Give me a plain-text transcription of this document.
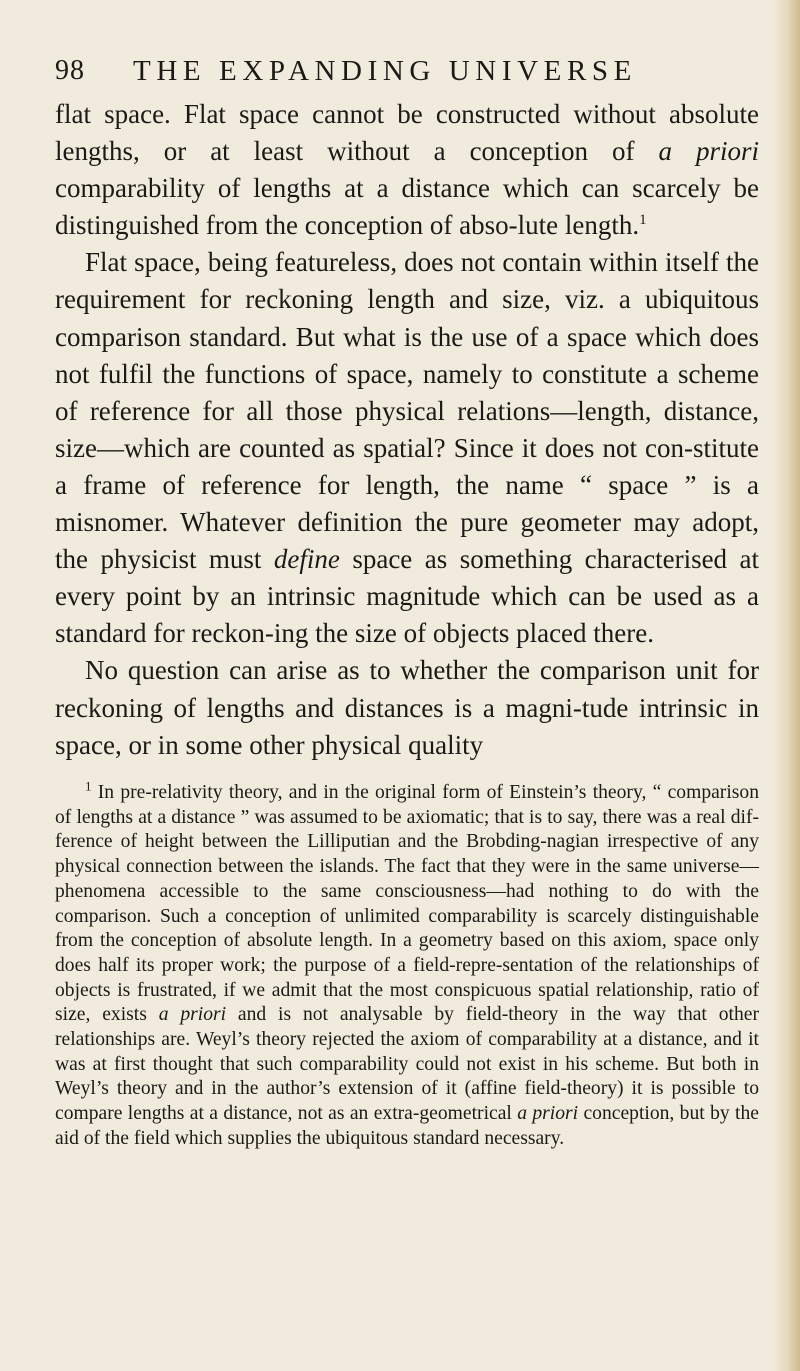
98 THE EXPANDING UNIVERSE

flat space. Flat space cannot be constructed without absolute lengths, or at least without a conception of a priori comparability of lengths at a distance which can scarcely be distinguished from the conception of abso-lute length.$^1$

Flat space, being featureless, does not contain within itself the requirement for reckoning length and size, viz. a ubiquitous comparison standard. But what is the use of a space which does not fulfil the functions of space, namely to constitute a scheme of reference for all those physical relations—length, distance, size—which are counted as spatial? Since it does not con-stitute a frame of reference for length, the name “ space ” is a misnomer. Whatever definition the pure geometer may adopt, the physicist must define space as something characterised at every point by an intrinsic magnitude which can be used as a standard for reckon-ing the size of objects placed there.

No question can arise as to whether the comparison unit for reckoning of lengths and distances is a magni-tude intrinsic in space, or in some other physical quality

$^1$ In pre-relativity theory, and in the original form of Einstein’s theory, “ comparison of lengths at a distance ” was assumed to be axiomatic; that is to say, there was a real dif-ference of height between the Lilliputian and the Brobding-nagian irrespective of any physical connection between the islands. The fact that they were in the same universe— phenomena accessible to the same consciousness—had nothing to do with the comparison. Such a conception of unlimited comparability is scarcely distinguishable from the conception of absolute length. In a geometry based on this axiom, space only does half its proper work; the purpose of a field-repre-sentation of the relationships of objects is frustrated, if we admit that the most conspicuous spatial relationship, ratio of size, exists a priori and is not analysable by field-theory in the way that other relationships are. Weyl’s theory rejected the axiom of comparability at a distance, and it was at first thought that such comparability could not exist in his scheme. But both in Weyl’s theory and in the author’s extension of it (affine field-theory) it is possible to compare lengths at a distance, not as an extra-geometrical a priori conception, but by the aid of the field which supplies the ubiquitous standard necessary.
